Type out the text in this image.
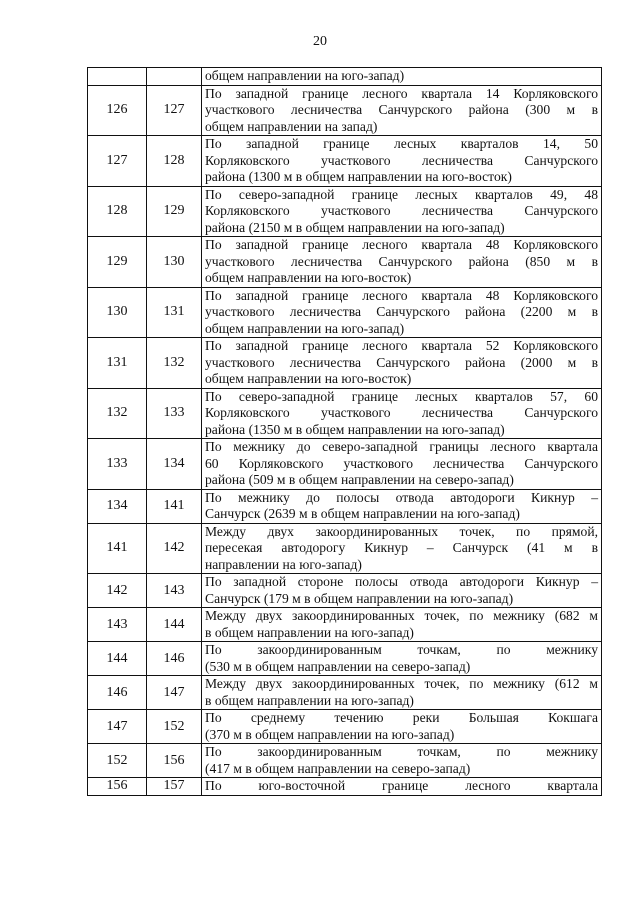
20

		общем направлении на юго-запад)

126	127	По западной границе лесного квартала 14 Корляковского
участкового лесничества Санчурского района (300 м в
общем направлении на запад)

127	128	По западной границе лесных кварталов 14, 50
Корляковского участкового лесничества Санчурского
района (1300 м в общем направлении на юго-восток)

128	129	По северо-западной границе лесных кварталов 49, 48
Корляковского участкового лесничества Санчурского
района (2150 м в общем направлении на юго-запад)

129	130	По западной границе лесного квартала 48 Корляковского
участкового лесничества Санчурского района (850 м в
общем направлении на юго-восток)

130	131	По западной границе лесного квартала 48 Корляковского
участкового лесничества Санчурского района (2200 м в
общем направлении на юго-запад)

131	132	По западной границе лесного квартала 52 Корляковского
участкового лесничества Санчурского района (2000 м в
общем направлении на юго-восток)

132	133	По северо-западной границе лесных кварталов 57, 60
Корляковского участкового лесничества Санчурского
района (1350 м в общем направлении на юго-запад)

133	134	По межнику до северо-западной границы лесного квартала
60 Корляковского участкового лесничества Санчурского
района (509 м в общем направлении на северо-запад)

134	141	По межнику до полосы отвода автодороги Кикнур –
Санчурск (2639 м в общем направлении на юго-запад)

141	142	Между двух закоординированных точек, по прямой,
пересекая автодорогу Кикнур – Санчурск (41 м в
направлении на юго-запад)

142	143	По западной стороне полосы отвода автодороги Кикнур –
Санчурск (179 м в общем направлении на юго-запад)

143	144	Между двух закоординированных точек, по межнику (682 м
в общем направлении на юго-запад)

144	146	По закоординированным точкам, по межнику
(530 м в общем направлении на северо-запад)

146	147	Между двух закоординированных точек, по межнику (612 м
в общем направлении на юго-запад)

147	152	По среднему течению реки Большая Кокшага
(370 м в общем направлении на юго-запад)

152	156	По закоординированным точкам, по межнику
(417 м в общем направлении на северо-запад)

156	157	По юго-восточной границе лесного квартала
